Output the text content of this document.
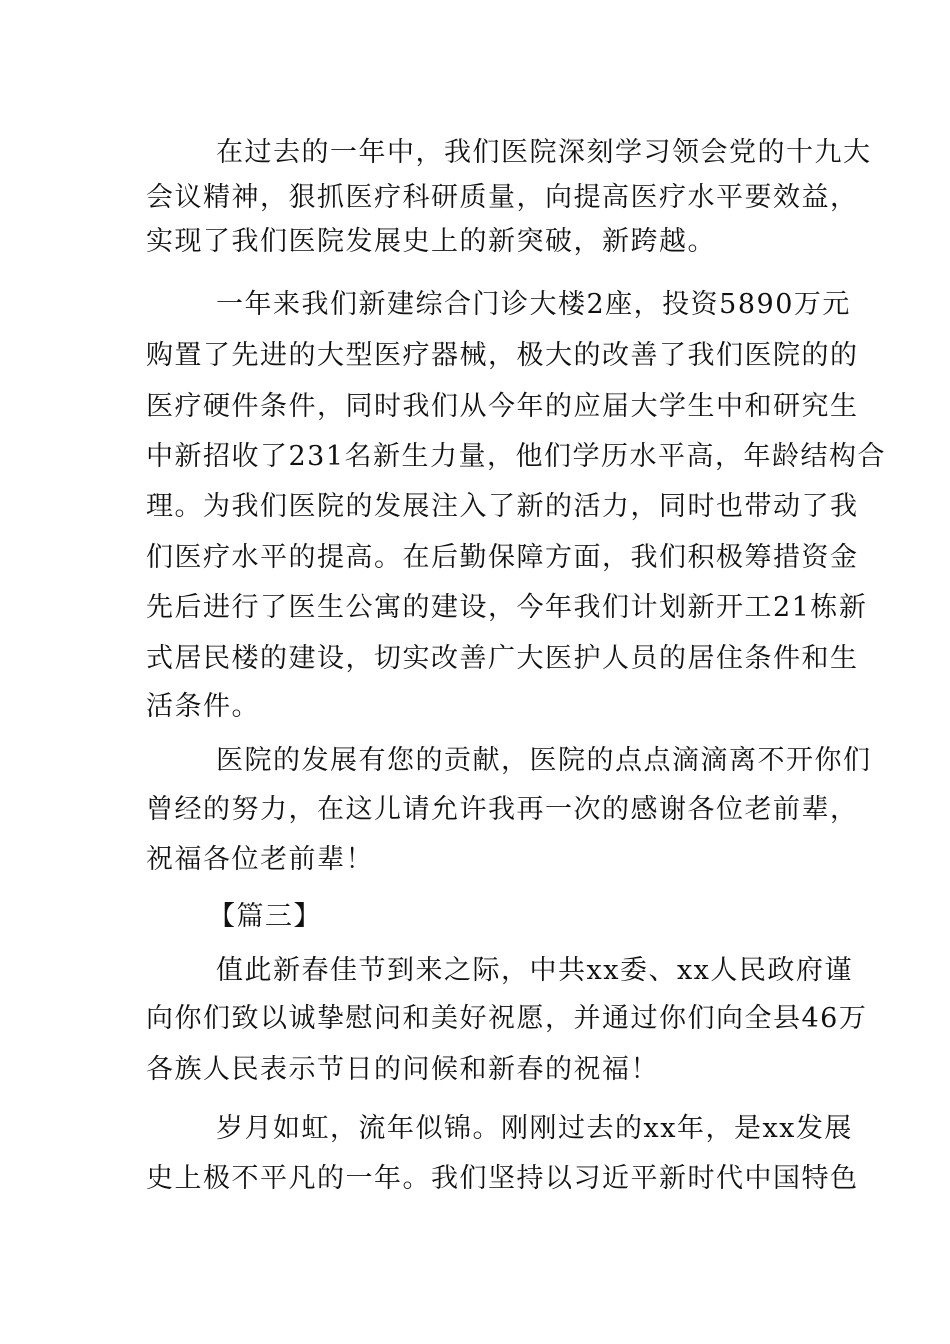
在过去的一年中，我们医院深刻学习领会党的十九大
会议精神，狠抓医疗科研质量，向提高医疗水平要效益，
实现了我们医院发展史上的新突破，新跨越。
一年来我们新建综合门诊大楼2座，投资5890万元
购置了先进的大型医疗器械，极大的改善了我们医院的的
医疗硬件条件，同时我们从今年的应届大学生中和研究生
中新招收了231名新生力量，他们学历水平高，年龄结构合
理。为我们医院的发展注入了新的活力，同时也带动了我
们医疗水平的提高。在后勤保障方面，我们积极筹措资金
先后进行了医生公寓的建设，今年我们计划新开工21栋新
式居民楼的建设，切实改善广大医护人员的居住条件和生
活条件。
医院的发展有您的贡献，医院的点点滴滴离不开你们
曾经的努力，在这儿请允许我再一次的感谢各位老前辈，
祝福各位老前辈！
【篇三】
值此新春佳节到来之际，中共xx委、xx人民政府谨
向你们致以诚挚慰问和美好祝愿，并通过你们向全县46万
各族人民表示节日的问候和新春的祝福！
岁月如虹，流年似锦。刚刚过去的xx年，是xx发展
史上极不平凡的一年。我们坚持以习近平新时代中国特色
